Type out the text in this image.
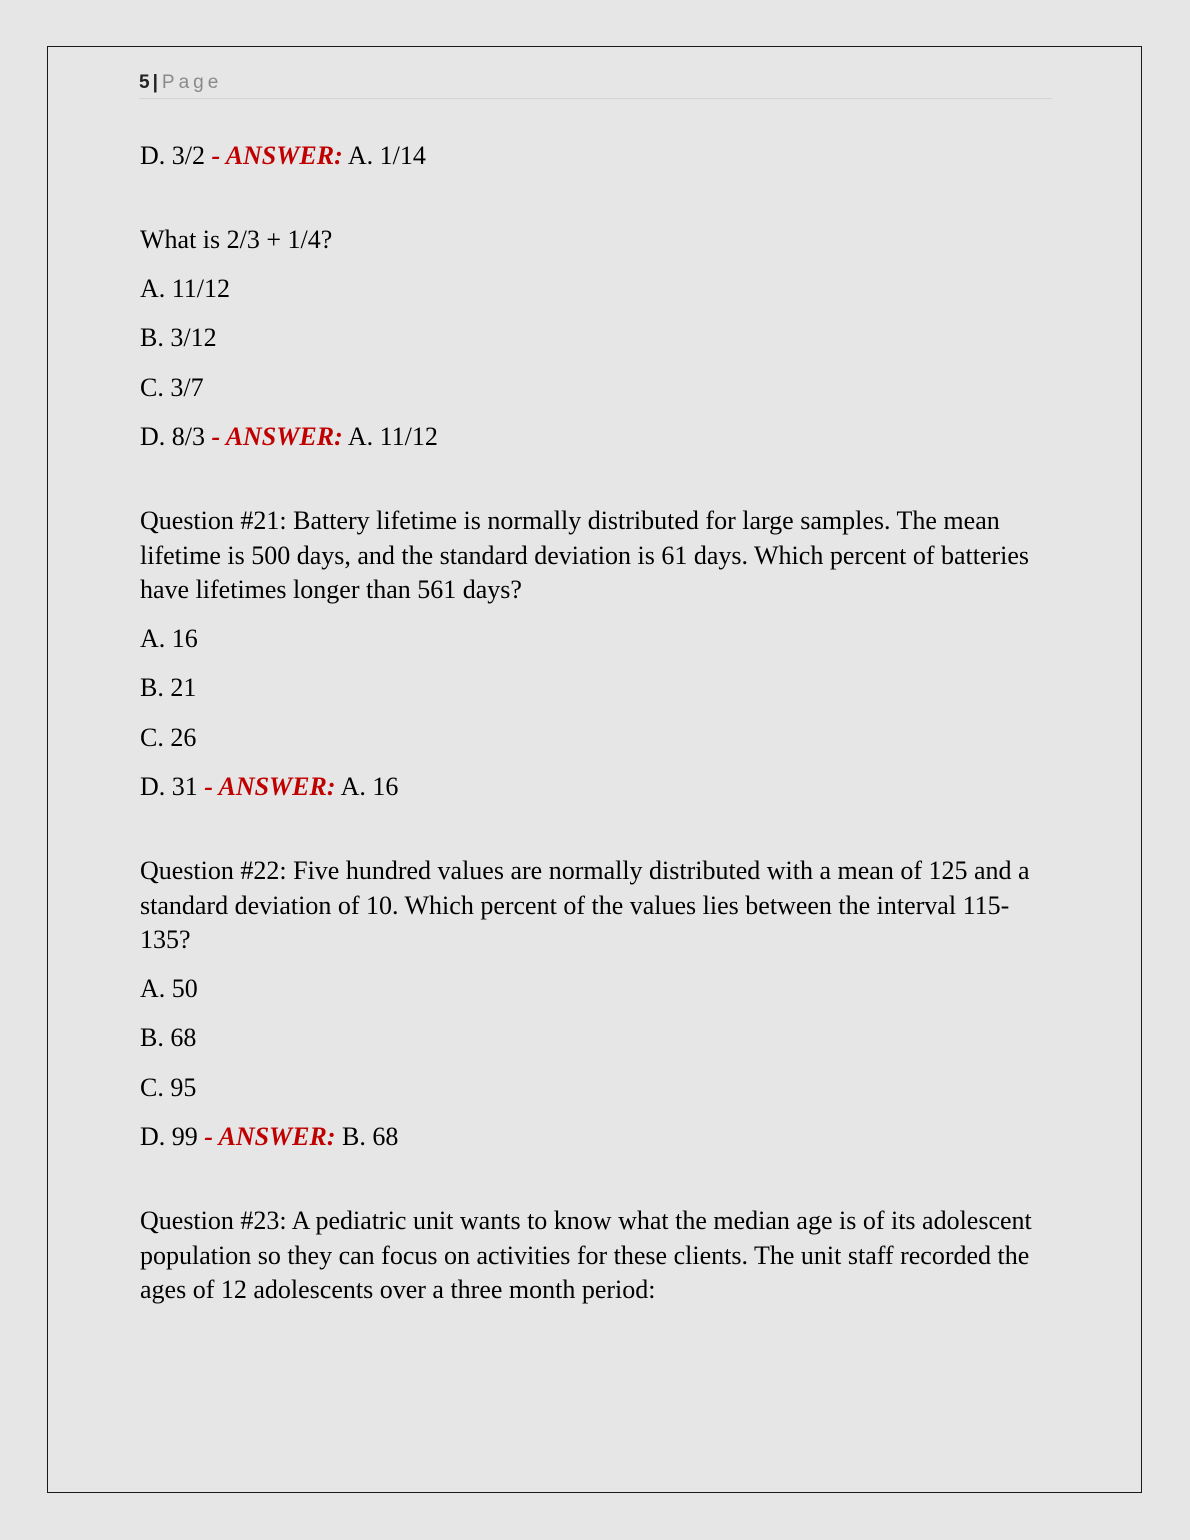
5 | Page

D. 3/2 - ANSWER: A. 1/14

What is 2/3 + 1/4?

A. 11/12

B. 3/12

C. 3/7

D. 8/3 - ANSWER: A. 11/12

Question #21: Battery lifetime is normally distributed for large samples. The mean lifetime is 500 days, and the standard deviation is 61 days. Which percent of batteries have lifetimes longer than 561 days?

A. 16

B. 21

C. 26

D. 31 - ANSWER: A. 16

Question #22: Five hundred values are normally distributed with a mean of 125 and a standard deviation of 10. Which percent of the values lies between the interval 115-135?

A. 50

B. 68

C. 95

D. 99 - ANSWER: B. 68

Question #23: A pediatric unit wants to know what the median age is of its adolescent population so they can focus on activities for these clients. The unit staff recorded the ages of 12 adolescents over a three month period:
